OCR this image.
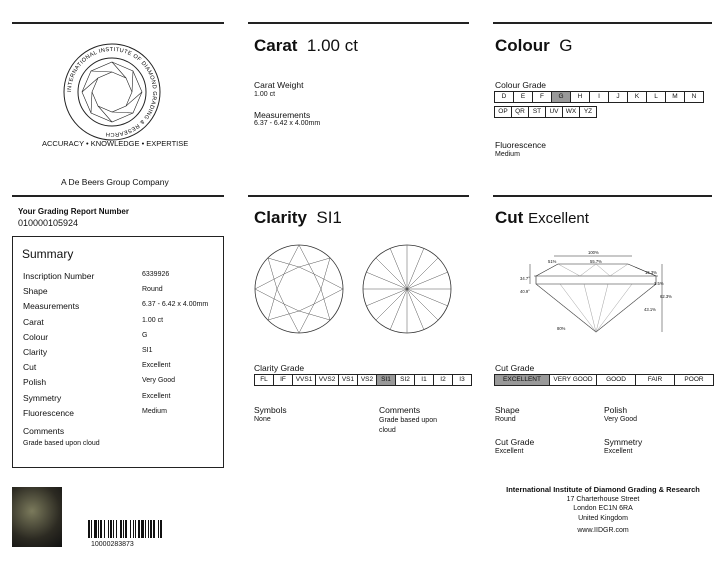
INTERNATIONAL INSTITUTE OF DIAMOND GRADING & RESEARCH
ACCURACY • KNOWLEDGE • EXPERTISE
A De Beers Group Company
Your Grading Report Number
010000105924
Summary
Inscription Number	6339926
Shape	Round
Measurements	6.37 - 6.42 x 4.00mm
Carat	1.00 ct
Colour	G
Clarity	SI1
Cut	Excellent
Polish	Very Good
Symmetry	Excellent
Fluorescence	Medium
Comments
Grade based upon cloud
10000283873
Carat 1.00 ct
Carat Weight
1.00 ct
Measurements
6.37 - 6.42 x 4.00mm
Clarity SI1
Clarity Grade
FL	IF	VVS1 VVS2	VS1	VS2	SI1	SI2	I1	I2	I3
Symbols
None
Comments
Grade based upon cloud
Colour G
Colour Grade
D	E	F	G	H	I	J	K	L	M	N
OP	QR	ST	UV	WX	YZ
Fluorescence
Medium
Cut Excellent
100%
51%	55.7%
34.7°
15.3%
3.5%
40.9°
62.3%
43.1%
80%
Cut Grade
EXCELLENT	VERY GOOD	GOOD	FAIR	POOR
Shape
Round
Polish
Very Good
Cut Grade
Excellent
Symmetry
Excellent
International Institute of Diamond Grading & Research
17 Charterhouse Street
London EC1N 6RA
United Kingdom
www.IIDGR.com
